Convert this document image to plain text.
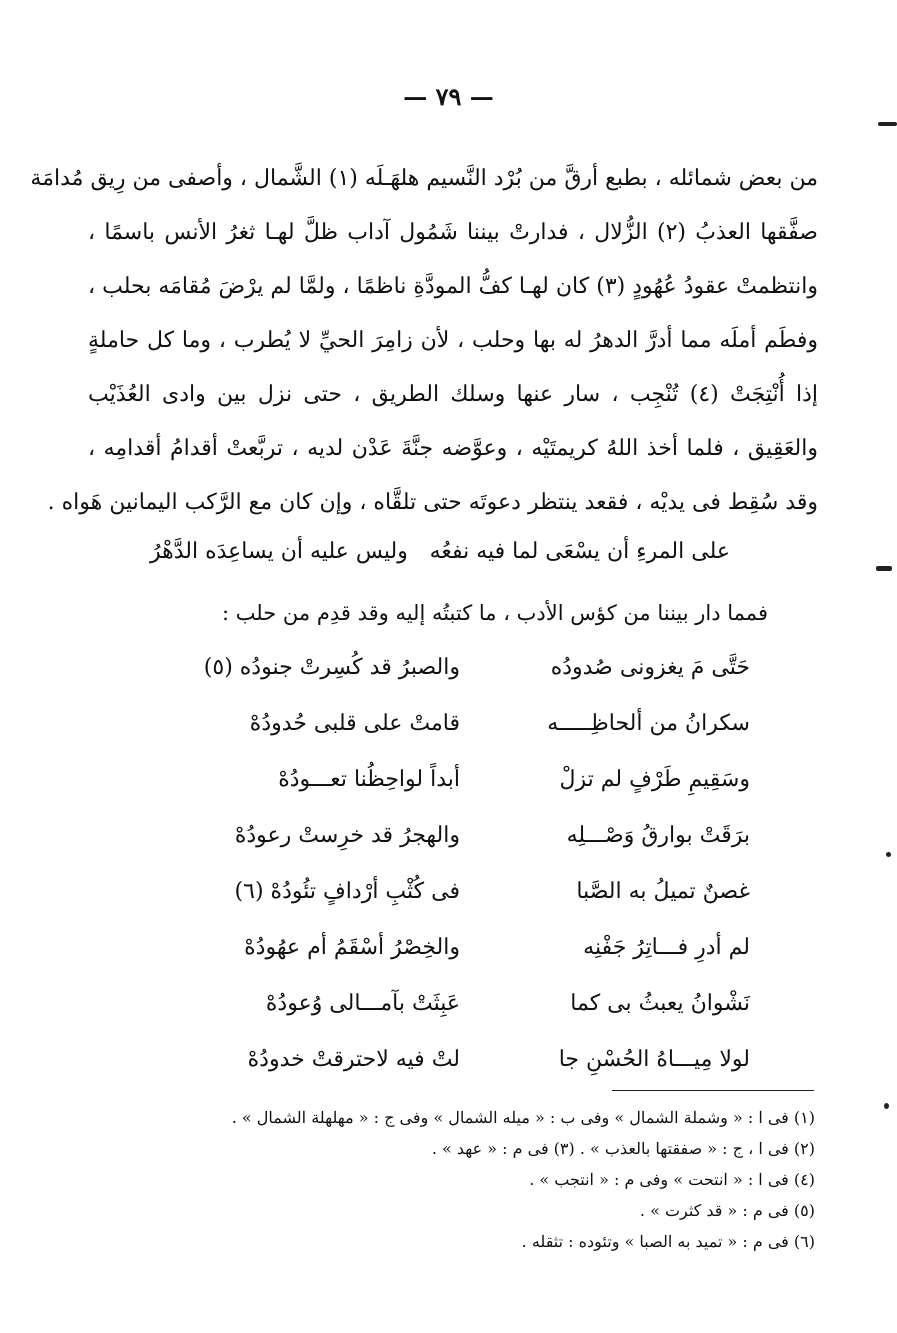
— ٧٩ —
من بعض شمائله ، بطبع أرقَّ من بُرْد النَّسيم هلهَـلَه (١) الشَّمال ، وأصفى من رِيق مُدامَة
صفَّقها العذبُ (٢) الزُّلال ، فدارتْ بيننا شَمُول آداب ظلَّ لهـا ثغرُ الأنس باسمًا ،
وانتظمتْ عقودُ عُهُودٍ (٣) كان لهـا كفُّ المودَّةِ ناظمًا ، ولمَّا لم يرْضَ مُقامَه بحلب ،
وفطَم أملَه مما أدرَّ الدهرُ له بها وحلب ، لأن زامِرَ الحيِّ لا يُطرب ، وما كل حاملةٍ
إذا أُنْتِجَتْ (٤) تُنْجِب ، سار عنها وسلك الطريق ، حتى نزل بين وادى العُذَيْب
والعَقِيق ، فلما أخذ اللهُ كريمتَيْه ، وعوَّضه جنَّةَ عَدْن لديه ، تربَّعتْ أقدامُ أقدامِه ،
وقد سُقِط فى يديْه ، فقعد ينتظر دعوتَه حتى تلقَّاه ، وإن كان مع الرَّكب اليمانين هَواه .
على المرءِ أن يسْعَى لما فيه نفعُه
وليس عليه أن يساعِدَه الدَّهْرُ
فمما دار بيننا من كؤس الأدب ، ما كتبتُه إليه وقد قدِم من حلب :
حَتَّى مَ يغزونى صُدودُه
والصبرُ قد كُسِرتْ جنودُه (٥)
سكرانُ من ألحاظِـــــه
قامتْ على قلبى حُدودُهْ
وسَقِيمِ طَرْفٍ لم تزلْ
أبداً لواحِظُنا تعـــودُهْ
برَقَتْ بوارقُ وَصْـــلِه
والهجرُ قد خرِستْ رعودُهْ
غصنٌ تميلُ به الصَّبا
فى كُثْبِ أرْدافٍ تئُودُهْ (٦)
لم أدرِ فـــاتِرُ جَفْنِه
والخِصْرُ أسْقَمُ أم عهُودُهْ
نَشْوانُ يعبثُ بى كما
عَبِثَتْ بآمـــالى وُعودُهْ
لولا مِيـــاهُ الحُسْنِ جا
لتْ فيه لاحترقتْ خدودُهْ
(١) فى ا : « وشملة الشمال » وفى ب : « ميله الشمال » وفى ج : « مهلهلة الشمال » .
(٢) فى ا ، ج : « صفقتها بالعذب » . (٣) فى م : « عهد » .
(٤) فى ا : « انتحت » وفى م : « انتجب » .
(٥) فى م : « قد كثرت » .
(٦) فى م : « تميد به الصبا » وتئوده : تثقله .
